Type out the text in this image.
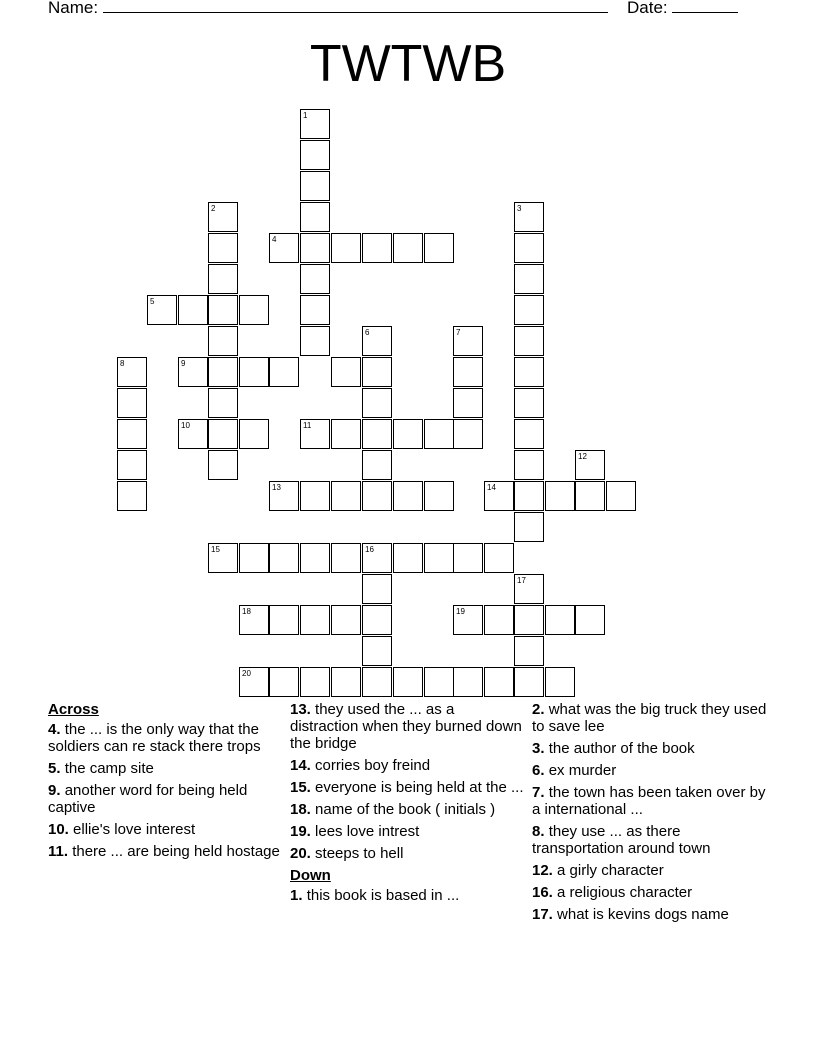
Name:	Date:
TWTWB
1
2	3
4
5
6	7
8	9
10	11
12
13	14
15	16
17
18	19
20
Across
4. the ... is the only way that the soldiers can re stack there trops
5. the camp site
9. another word for being held captive
10. ellie's love interest
11. there ... are being held hostage
13. they used the ... as a distraction when they burned down the bridge
14. corries boy freind
15. everyone is being held at the ...
18. name of the book ( initials )
19. lees love intrest
20. steeps to hell
Down
1. this book is based in ...
2. what was the big truck they used to save lee
3. the author of the book
6. ex murder
7. the town has been taken over by a international ...
8. they use ... as there transportation around town
12. a girly character
16. a religious character
17. what is kevins dogs name
